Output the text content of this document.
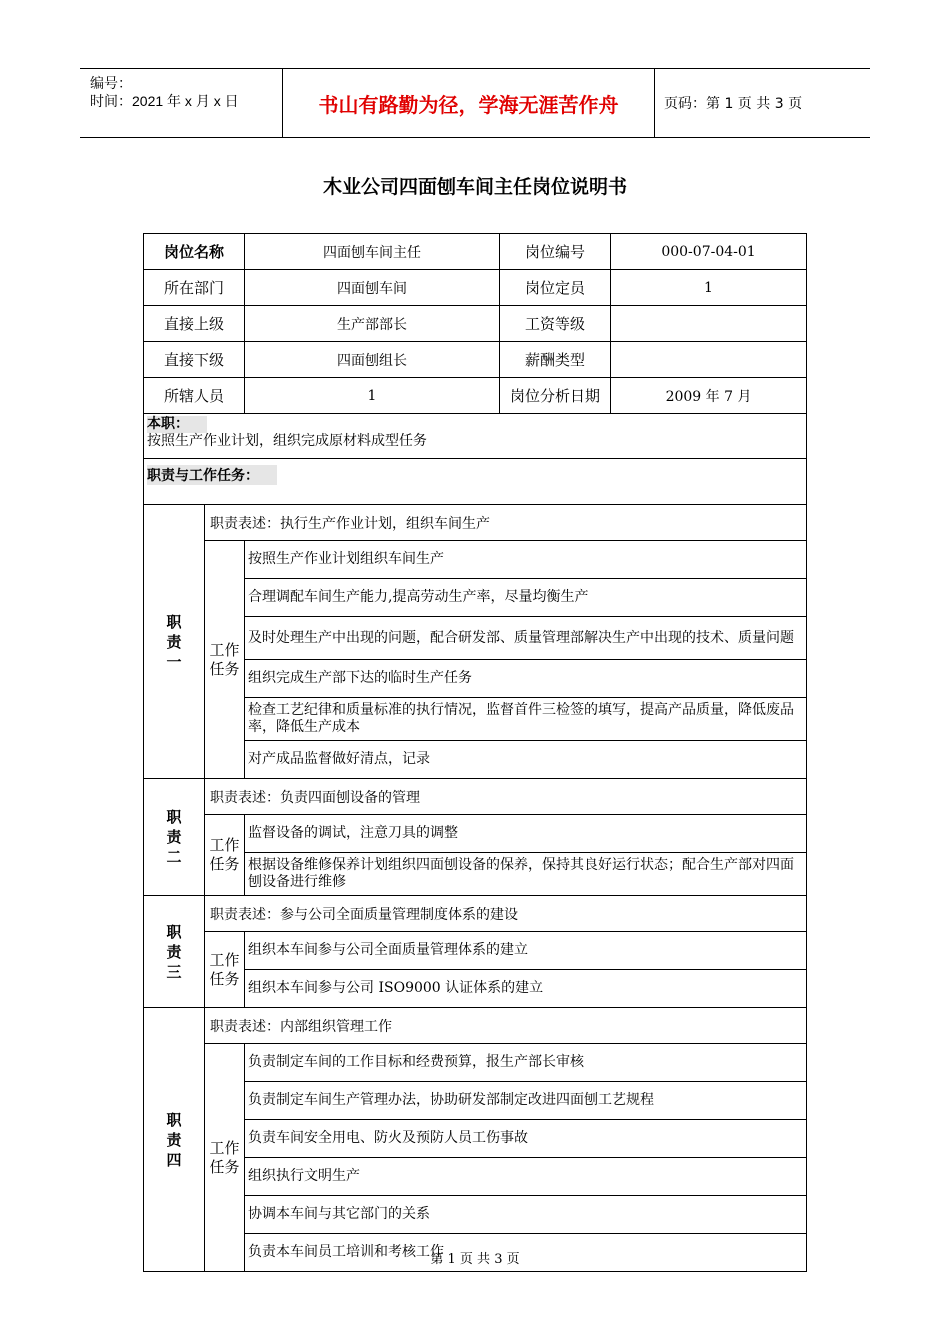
编号：
时间：2021 年 x 月 x 日	书山有路勤为径，学海无涯苦作舟	页码：第 1 页 共 3 页
木业公司四面刨车间主任岗位说明书
岗位名称		四面刨车间主任	岗位编号	000-07-04-01
所在部门		四面刨车间	岗位定员	1
直接上级		生产部部长	工资等级	
直接下级		四面刨组长	薪酬类型	
所辖人员		1	岗位分析日期	2009 年 7 月
本职：
按照生产作业计划，组织完成原材料成型任务				
职责与工作任务：				
职
责
一	职责表述：执行生产作业计划，组织车间生产			
	工作
任务	按照生产作业计划组织车间生产		
		合理调配车间生产能力,提高劳动生产率，尽量均衡生产		
		及时处理生产中出现的问题，配合研发部、质量管理部解决生产中出现的技术、质量问题		
		组织完成生产部下达的临时生产任务		
		检查工艺纪律和质量标准的执行情况，监督首件三检签的填写，提高产品质量，降低废品率，降低生产成本		
		对产成品监督做好清点，记录		
职
责
二	职责表述：负责四面刨设备的管理			
	工作
任务	监督设备的调试，注意刀具的调整		
		根据设备维修保养计划组织四面刨设备的保养，保持其良好运行状态；配合生产部对四面刨设备进行维修		
职
责
三	职责表述：参与公司全面质量管理制度体系的建设			
	工作
任务	组织本车间参与公司全面质量管理体系的建立		
		组织本车间参与公司 ISO9000 认证体系的建立		
职
责
四	职责表述：内部组织管理工作			
	工作
任务	负责制定车间的工作目标和经费预算，报生产部长审核		
		负责制定车间生产管理办法，协助研发部制定改进四面刨工艺规程		
		负责车间安全用电、防火及预防人员工伤事故		
		组织执行文明生产		
		协调本车间与其它部门的关系		
		负责本车间员工培训和考核工作		
第 1 页 共 3 页
